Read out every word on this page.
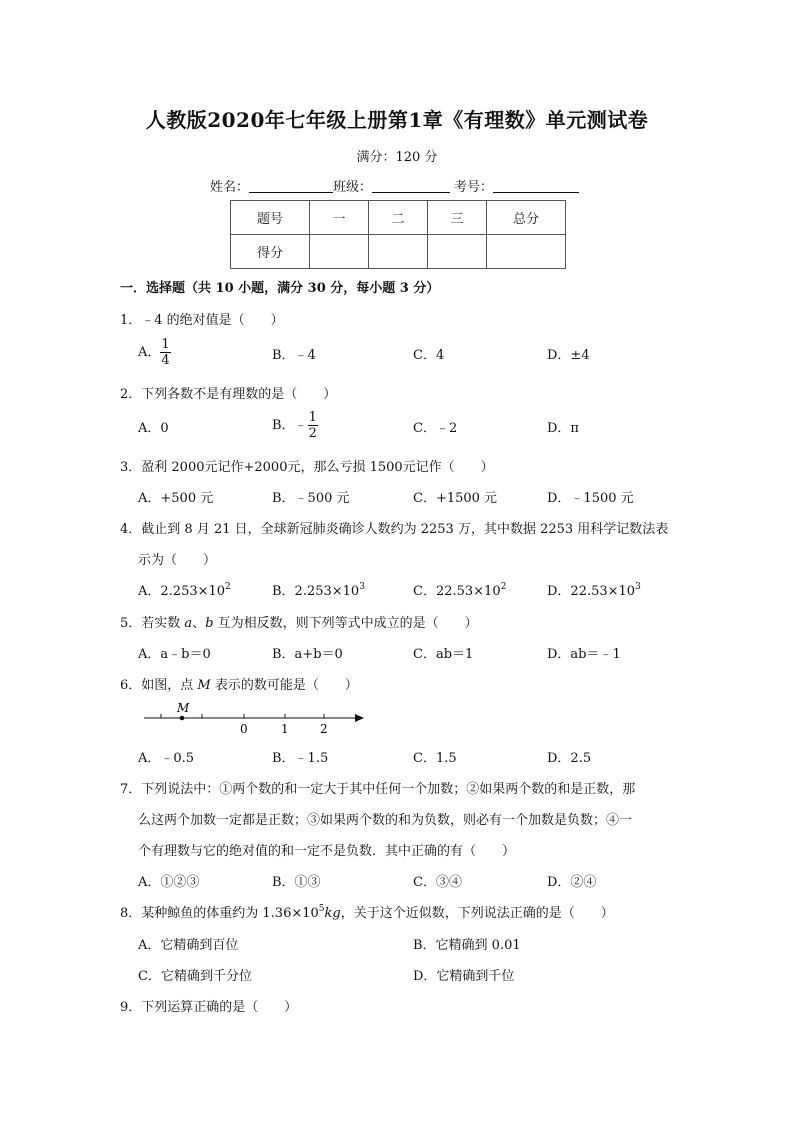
人教版2020年七年级上册第1章《有理数》单元测试卷
满分：120 分
姓名：	班级：	考号：
题号	一	二	三	总分
得分				
一．选择题（共 10 小题，满分 30 分，每小题 3 分）
1．﹣4 的绝对值是（　　）
A． $\frac{1}{4}$	B．﹣4	C．4	D．±4
2．下列各数不是有理数的是（　　）
A．0	B．﹣ $\frac{1}{2}$	C．﹣2	D．π
3．盈利 2000元记作+2000元，那么亏损 1500元记作（　　）
A．+500 元	B．﹣500 元	C．+1500 元	D．﹣1500 元
4．截止到 8 月 21 日，全球新冠肺炎确诊人数约为 2253 万，其中数据 2253 用科学记数法表
示为（　　）
A．$2.253\times 10^2$	B．$2.253\times 10^3$	C．$22.53\times 10^2$	D．$22.53\times 10^3$
5．若实数 a、b 互为相反数，则下列等式中成立的是（　　）
A．a﹣b＝0	B．a+b＝0	C．ab＝1	D．ab＝﹣1
6．如图，点 M 表示的数可能是（　　）
M
0	1	2
A．﹣0.5	B．﹣1.5	C．1.5	D．2.5
7．下列说法中：①两个数的和一定大于其中任何一个加数；②如果两个数的和是正数，那
么这两个加数一定都是正数；③如果两个数的和为负数，则必有一个加数是负数；④一
个有理数与它的绝对值的和一定不是负数．其中正确的有（　　）
A．①②③	B．①③	C．③④	D．②④
8．某种鲸鱼的体重约为 $1.36\times 10^5kg$，关于这个近似数，下列说法正确的是（　　）
A．它精确到百位	B．它精确到 0.01
C．它精确到千分位	D．它精确到千位
9．下列运算正确的是（　　）
